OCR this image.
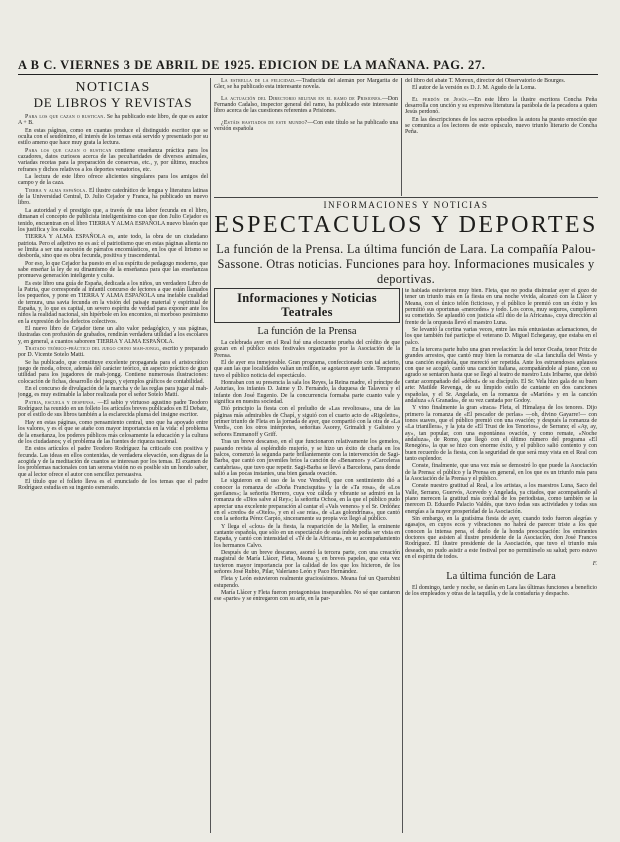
A B C. VIERNES 3 DE ABRIL DE 1925. EDICION DE LA MAÑANA. PAG. 27.
NOTICIAS
DE LIBROS Y REVISTAS

Para los que cazan o rustican. Se ha publicado este libro, de que es autor A + B.

En estas páginas, como en cuantas produce el distinguido escritor que se oculta con el seudónimo, el interés de los temas está servido y presentado por su estilo ameno que hace muy grata la lectura.

Para los que cazan o rustican contiene enseñanza práctica para los cazadores, datos curiosos acerca de las peculiaridades de diversos animales, variadas recetas para la preparación de conservas, etc., y, por último, muchos refranes y dichos relativos a los deportes venatorios, etc.

La lectura de este libro ofrece alicientes singulares para los amigos del campo y de la caza.

Tierra y alma española. El ilustre catedrático de lengua y literatura latinas de la Universidad Central, D. Julio Cejador y Franca, ha publicado un nuevo libro.

La autoridad y el prestigio que, a través de una labor fecunda en el libro, dimanan el concepto de publicista inteligentísimo con que don Julio Cejador es tenido, encuentran en el libro TIERRA Y ALMA ESPAÑOLA nuevo blasón que los justifica y los exalta.

TIERRA Y ALMA ESPAÑOLA es, ante todo, la obra de un ciudadano patriota. Pero el adjetivo no es así: el patriotismo que en estas páginas alienta no se limita a ser una sucesión de párrafos encomiásticos, en los que el lirismo se desborda, sino que es obra fecunda, positiva y trascendental.

Por eso, lo que Cejador ha puesto en el su espíritu de pedagogo moderno, que sabe enseñar la ley de su dinamismo de la enseñanza para que las enseñanzas promueva generación inteligente y culta.

Es este libro una guía de España, dedicada a los niños, un verdadero Libro de la Patria, que corresponde al infantil concurso de lectores a que están llamados los pequeños, y pone en TIERRA Y ALMA ESPAÑOLA una inefable cualidad de ternura, una savia fecunda en la visión del paisaje material y espiritual de España, y, lo que es capital, un severo espíritu de verdad para exponer ante los niños la realidad nacional, sin hipérbole en los encomios, ni morboso pesimismo en la expresión de los defectos colectivos.

El nuevo libro de Cejador tiene un alto valor pedagógico, y sus páginas, ilustradas con profusión de grabados, rendirán verdadera utilidad a los escolares y, en general, a cuantos saboreen TIERRA Y ALMA ESPAÑOLA.

Tratado teórico-práctico del juego chino mah-jongg, escrito y preparado por D. Vicente Sotelo Matti.

Se ha publicado, que constituye excelente propaganda para el aristocrático juego de moda, ofrece, además del carácter teórico, un aspecto práctico de gran utilidad para los jugadores de mah-jongg. Contiene numerosas ilustraciones: colocación de fichas, desarrollo del juego, y ejemplos gráficos de contabilidad.

En el concurso de divulgación de la marcha y de las reglas para jugar al mah-jongg, es muy estimable la labor realizada por el señor Sotelo Matti.

Patria, escuela y despensa. —El sabio y virtuoso agustino padre Teodoro Rodríguez ha reunido en un folleto los artículos breves publicados en El Debate, por el estilo de sus libros también a la esclarecida pluma del insigne escritor.

Hay en estas páginas, como pensamiento central, uno que ha apoyado entre los valores, y es el que se atañe con mayor importancia en la vida: el problema de la enseñanza, los poderes públicos más celosamente la educación y la cultura de los ciudadanos; y el problema de las fuentes de riqueza nacional.

En estos artículos el padre Teodoro Rodríguez ha criticado con positiva y fecunda. Las ideas en ellos contenidas, de verdadera elevación, son dignas de la acogida y de la meditación de cuantos se interesan por los temas. El examen de los problemas nacionales con tan serena visión no es posible sin un hondo saber, que al lector ofrece el autor con sencillez persuasiva.

El título que el folleto lleva es el enunciado de los temas que el padre Rodríguez estudia en su ingenio esmerado.

La estrella de la felicidad.—Traducida del alemán por Margarita de Gler, se ha publicado esta interesante novela.

La actuación del Directorio militar en el ramo de Prisiones.—Don Fernando Cadalso, inspector general del ramo, ha publicado este interesante libro acerca de las cuestiones referentes a Prisiones.

¿Estáis hastiados de este mundo?—Con este título se ha publicado una versión española

del libro del abate T. Moreux, director del Observatorio de Bourges.

El autor de la versión es D. J. M. Agudo de la Loma.

El perdón de Jesús.—En este libro la ilustre escritora Concha Peña desarrolla con unción y su expresiva literatura la parábola de la pecadora a quien Jesús perdonó.

En las descripciones de los sacros episodios la autora ha puesto emoción que se comunica a los lectores de este opúsculo, nuevo triunfo literario de Concha Peña.

INFORMACIONES Y NOTICIAS
ESPECTACULOS Y DEPORTES
La función de la Prensa. La última función de Lara. La compañía Palou-Sassone. Otras noticias. Funciones para hoy. Informaciones musicales y deportivas.
Informaciones y Noticias
Teatrales
La función de la Prensa

La celebrada ayer en el Real fué una elocuente prueba del crédito de que gozan en el público estos festivales organizados por la Asociación de la Prensa.

El de ayer era inmejorable. Gran programa, confeccionado con tal acierto, que aun las que localidades valían un millón, se agotaron ayer tarde. Temprano tuvo el público noticia del espectáculo.

Honraban con su presencia la sala los Reyes, la Reina madre, el príncipe de Asturias, los infantes D. Jaime y D. Fernando, la duquesa de Talavera y el infante don José Eugenio. De la concurrencia formaba parte cuanto vale y significa en nuestra sociedad.

Dió principio la fiesta con el preludio de «Las revoltosas», una de las páginas más admirables de Chapí, y siguió con el cuarto acto de «Rigoletto», primer triunfo de Fleta en la jornada de ayer, que compartió con la otra de «La Verdi», con los otros intérpretes, señoritas Asorey, Grimaldi y Galisteo y señores Emmanoff y Griff.

Tras un breve descanso, en el que funcionaron relativamente los gemelos, pasando revista al espléndido mujerío, y se hizo un éxito de charla en los palcos, comenzó la segunda parte brillantemente con la intervención de Sagi-Barba, que cantó con juveniles bríos la canción de «Benamor» y «Carceleras cantabrias», que tuvo que repetir. Sagi-Barba se llevó a Barcelona, para donde salió a las pocas instantes, una bien ganada ovación.

Le siguieron en el uso de la voz Vendrell, que con sentimiento dió a conocer la romanza de «Doña Francisquita» y la de «Ta rosa», de «Los gavilanes»; la señorita Herrero, cuya voz cálida y vibrante se admiró en la romanza de «Dios salve al Rey»; la señorita Ochoa, en la que el público pudo apreciar una excelente preparación al cantar el «Vals veneno» y el Sr. Ordóñez en el «credo» de «Otelo», y en el «se reía», de «Las golondrinas», que cantó con la señorita Pérez Carpio, sinceramente su propia voz llegó al público.

Y llega el «clou» de la fiesta, la reaparición de la Meller, la eminente cantante española, que sólo en un espectáculo de esta índole podía ser vista en España, y cantó con intensidad el «Té de la Africana», en su acompañamiento los hermanos Calvo.

Después de un breve descanso, asomó la tercera parte, con una creación magistral de María Llácer, Fleta, Meana y, en breves papeles, que esta vez tuvieron mayor importancia por la calidad de los que los hicieron, de los señores José Rubio, Pilar, Valeriano León y Paco Hernández.

Fleta y León estuvieron realmente graciosísimos. Meana fué un Querubini estupendo.

María Llácer y Fleta fueron protagonistas inseparables. No sé que cantaron ese «parte» y se entregaron con su arte, en la par-

te hablada estuvieron muy bien. Fleta, que no podía disimular ayer el gozo de tener un triunfo más en la fiesta en una noche vivida, alcanzó con la Llácer y Meana, con el único telón ficticioso, y el público le premió con un éxito y les permitió sus oportunas «mercedes» y todo. Los coros, muy seguros, cumplieron su cometido. Se aplaudió con justicia «El dúo de la Africana», cuya dirección al frente de la orquesta llevó el maestro Luna.

Se levantó la cortina varias veces, entre las más entusiastas aclamaciones, de los que también fué partícipe el veterano D. Miguel Echegaray, que estaba en el palco.

En la tercera parte hubo una gran revelación: la del tenor Ocaña, tenor Fritz de grandes arrestos, que cantó muy bien la romanza de «La fanciulla del West» y una canción española, que mereció ser repetida. Ante los estruendosos aplausos con que se acogió, cantó una canción italiana, acompañándole al piano, con su agrado se sentaron hasta que se llegó al teatro de nuestro Luis Iribarne, que debió cantar acompañado del «début» de su discípulo. El Sr. Vela hizo gala de su buen arte: Matilde Revenga, de su límpido estilo de cantante en dos canciones españolas, y el Sr. Angelada, en la romanza de «Marión» y en la canción andaluza «A Granada», de su vez cantada por Godoy.

Y vino finalmente la gran «traca» Fleta, el Himalaya de los tenores. Dijo primero la romanza de «El pescador de perlas» —oh, divino Gayarre!— con tonos suaves, que el público premió con una ovación; y después la romanza de «La trianillera», y la jota de «El Trust de los Tenorios», de Serrano; el «Ay, ay, ay», tan popular, con una espontánea ovación, y como remate, «Noche andaluza», de Romo, que llegó con el último número del programa «El Renegón», la que se hizo con enorme éxito, y el público salió contento y con buen recuerdo de la fiesta, con la seguridad de que será muy vista en el Real con tanto esplendor.

Conste, finalmente, que una vez más se demostró lo que puede la Asociación de la Prensa: el público y la Prensa en general, en los que es un triunfo más para la Asociación de la Prensa y el público.

Conste nuestro gratitud al Real, a los artistas, a los maestros Luna, Saco del Valle, Serrano, Guervós, Acevedo y Angelada, ya citados, que acompañando al piano merecen la gratitud más cordial de los periodistas, como también se la merecen D. Eduardo Palacio Valdés, que tuvo todas sus actividades y todas sus energías a la mayor prosperidad de la Asociación.

Sin embargo, en la gratísima fiesta de ayer, cuando todo fueron alegrías y agasajos, en cuyos ecos y vibraciones no habrá de parecer triste a los que conocen la intensa pena, el duelo de la honda preocupación: los eminentes doctores que asisten al ilustre presidente de la Asociación, don José Francos Rodríguez. El ilustre presidente de la Asociación, que tuvo el triunfo más deseado, no pudo asistir a este festival por no permitírselo su salud; pero estuvo en el espíritu de todos.

F.

La última función de Lara

El domingo, tarde y noche, se darán en Lara las últimas funciones a beneficio de los empleados y otras de la taquilla, y de la contaduría y despacho.
